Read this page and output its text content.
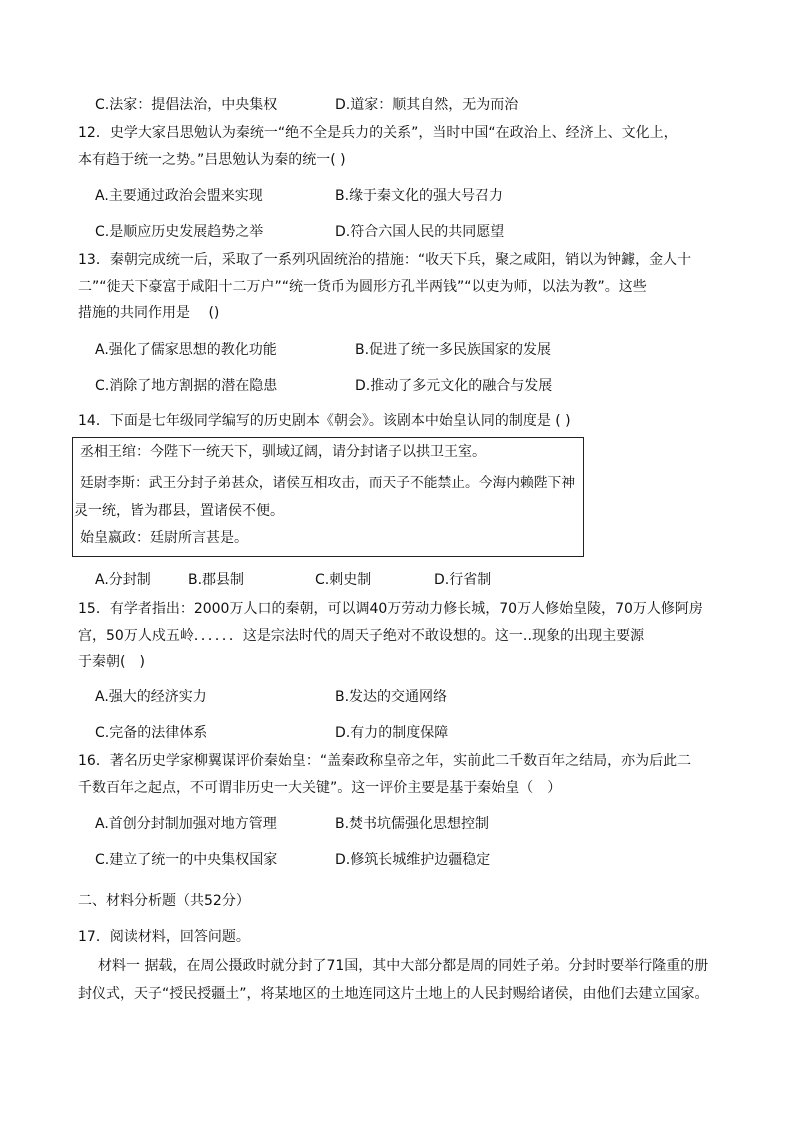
C.法家：提倡法治，中央集权	D.道家：顺其自然，无为而治
12．史学大家吕思勉认为秦统一“绝不全是兵力的关系”，当时中国“在政治上、经济上、文化上，
本有趋于统一之势。”吕思勉认为秦的统一( )
A.主要通过政治会盟来实现	B.缘于秦文化的强大号召力
C.是顺应历史发展趋势之举	D.符合六国人民的共同愿望
13．秦朝完成统一后，采取了一系列巩固统治的措施：“收天下兵，聚之咸阳，销以为钟鐻，金人十
二”“徙天下豪富于咸阳十二万户”“统一货币为圆形方孔半两钱”“以吏为师，以法为教”。这些
措施的共同作用是　 ()
A.强化了儒家思想的教化功能	B.促进了统一多民族国家的发展
C.消除了地方割据的潜在隐患	D.推动了多元文化的融合与发展
14．下面是七年级同学编写的历史剧本《朝会》。该剧本中始皇认同的制度是 ( )
丞相王绾：今陛下一统天下，驯域辽阔，请分封诸子以拱卫王室。
廷尉李斯：武王分封子弟甚众，诸侯互相攻击，而天子不能禁止。今海内赖陛下神
灵一统，皆为郡县，置诸侯不便。
始皇嬴政：廷尉所言甚是。
A.分封制	B.郡县制	C.刺史制	D.行省制
15．有学者指出：2000万人口的秦朝，可以调40万劳动力修长城，70万人修始皇陵，70万人修阿房
宫，50万人戍五岭．．．．．．这是宗法时代的周天子绝对不敢设想的。这一‥现象的出现主要源
于秦朝(　)
A.强大的经济实力	B.发达的交通网络
C.完备的法律体系	D.有力的制度保障
16．著名历史学家柳翼谋评价秦始皇：“盖秦政称皇帝之年，实前此二千数百年之结局，亦为后此二
千数百年之起点，不可谓非历史一大关键”。这一评价主要是基于秦始皇（　）
A.首创分封制加强对地方管理	B.焚书坑儒强化思想控制
C.建立了统一的中央集权国家	D.修筑长城维护边疆稳定
二、材料分析题（共52分）
17．阅读材料，回答问题。
材料一 据载，在周公摄政时就分封了71国，其中大部分都是周的同姓子弟。分封时要举行隆重的册
封仪式，天子“授民授疆土”，将某地区的土地连同这片土地上的人民封赐给诸侯，由他们去建立国家。
